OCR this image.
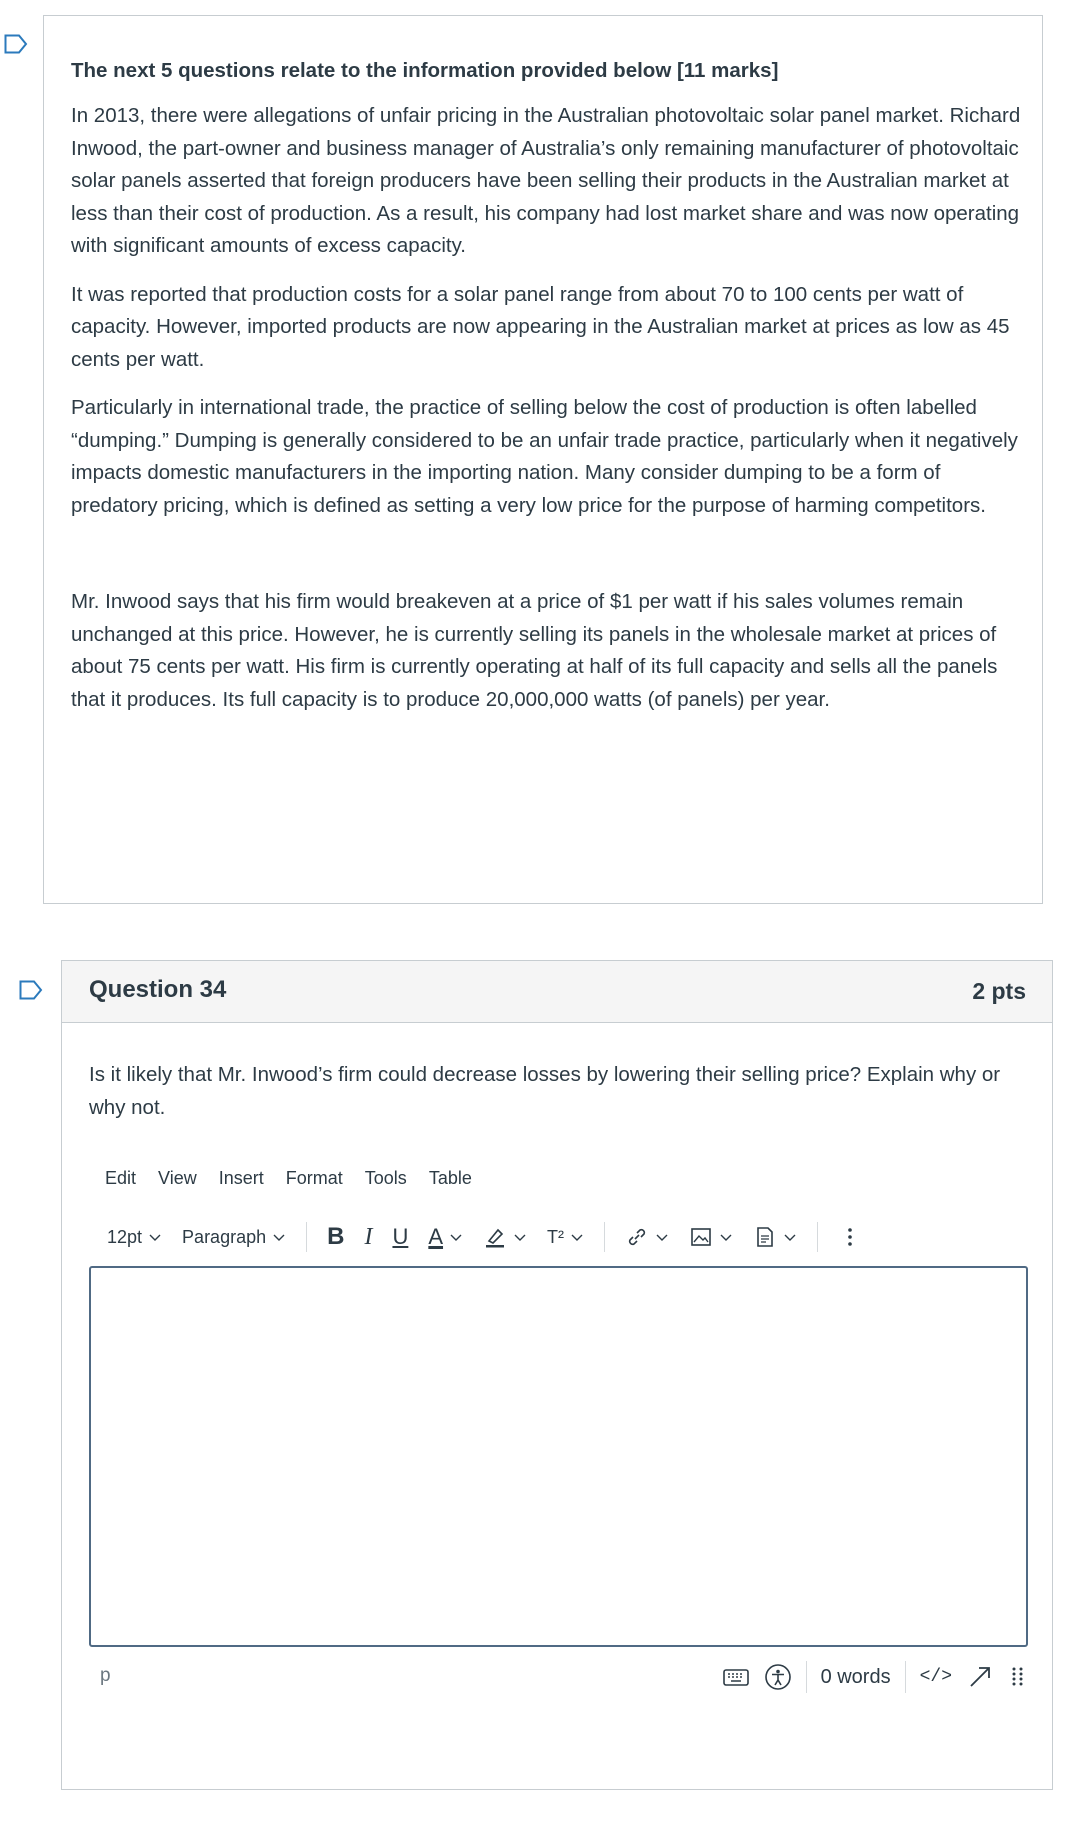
The next 5 questions relate to the information provided below [11 marks]

In 2013, there were allegations of unfair pricing in the Australian photovoltaic solar panel market. Richard Inwood, the part-owner and business manager of Australia’s only remaining manufacturer of photovoltaic solar panels asserted that foreign producers have been selling their products in the Australian market at less than their cost of production. As a result, his company had lost market share and was now operating with significant amounts of excess capacity.

It was reported that production costs for a solar panel range from about 70 to 100 cents per watt of capacity. However, imported products are now appearing in the Australian market at prices as low as 45 cents per watt.

Particularly in international trade, the practice of selling below the cost of production is often labelled “dumping.” Dumping is generally considered to be an unfair trade practice, particularly when it negatively impacts domestic manufacturers in the importing nation. Many consider dumping to be a form of predatory pricing, which is defined as setting a very low price for the purpose of harming competitors.

Mr. Inwood says that his firm would breakeven at a price of $1 per watt if his sales volumes remain unchanged at this price. However, he is currently selling its panels in the wholesale market at prices of about 75 cents per watt. His firm is currently operating at half of its full capacity and sells all the panels that it produces. Its full capacity is to produce 20,000,000 watts (of panels) per year.

Question 34	2 pts
Is it likely that Mr. Inwood’s firm could decrease losses by lowering their selling price? Explain why or why not.
Edit View Insert Format Tools Table
12pt Paragraph	B I U A	T²
p	0 words </>
